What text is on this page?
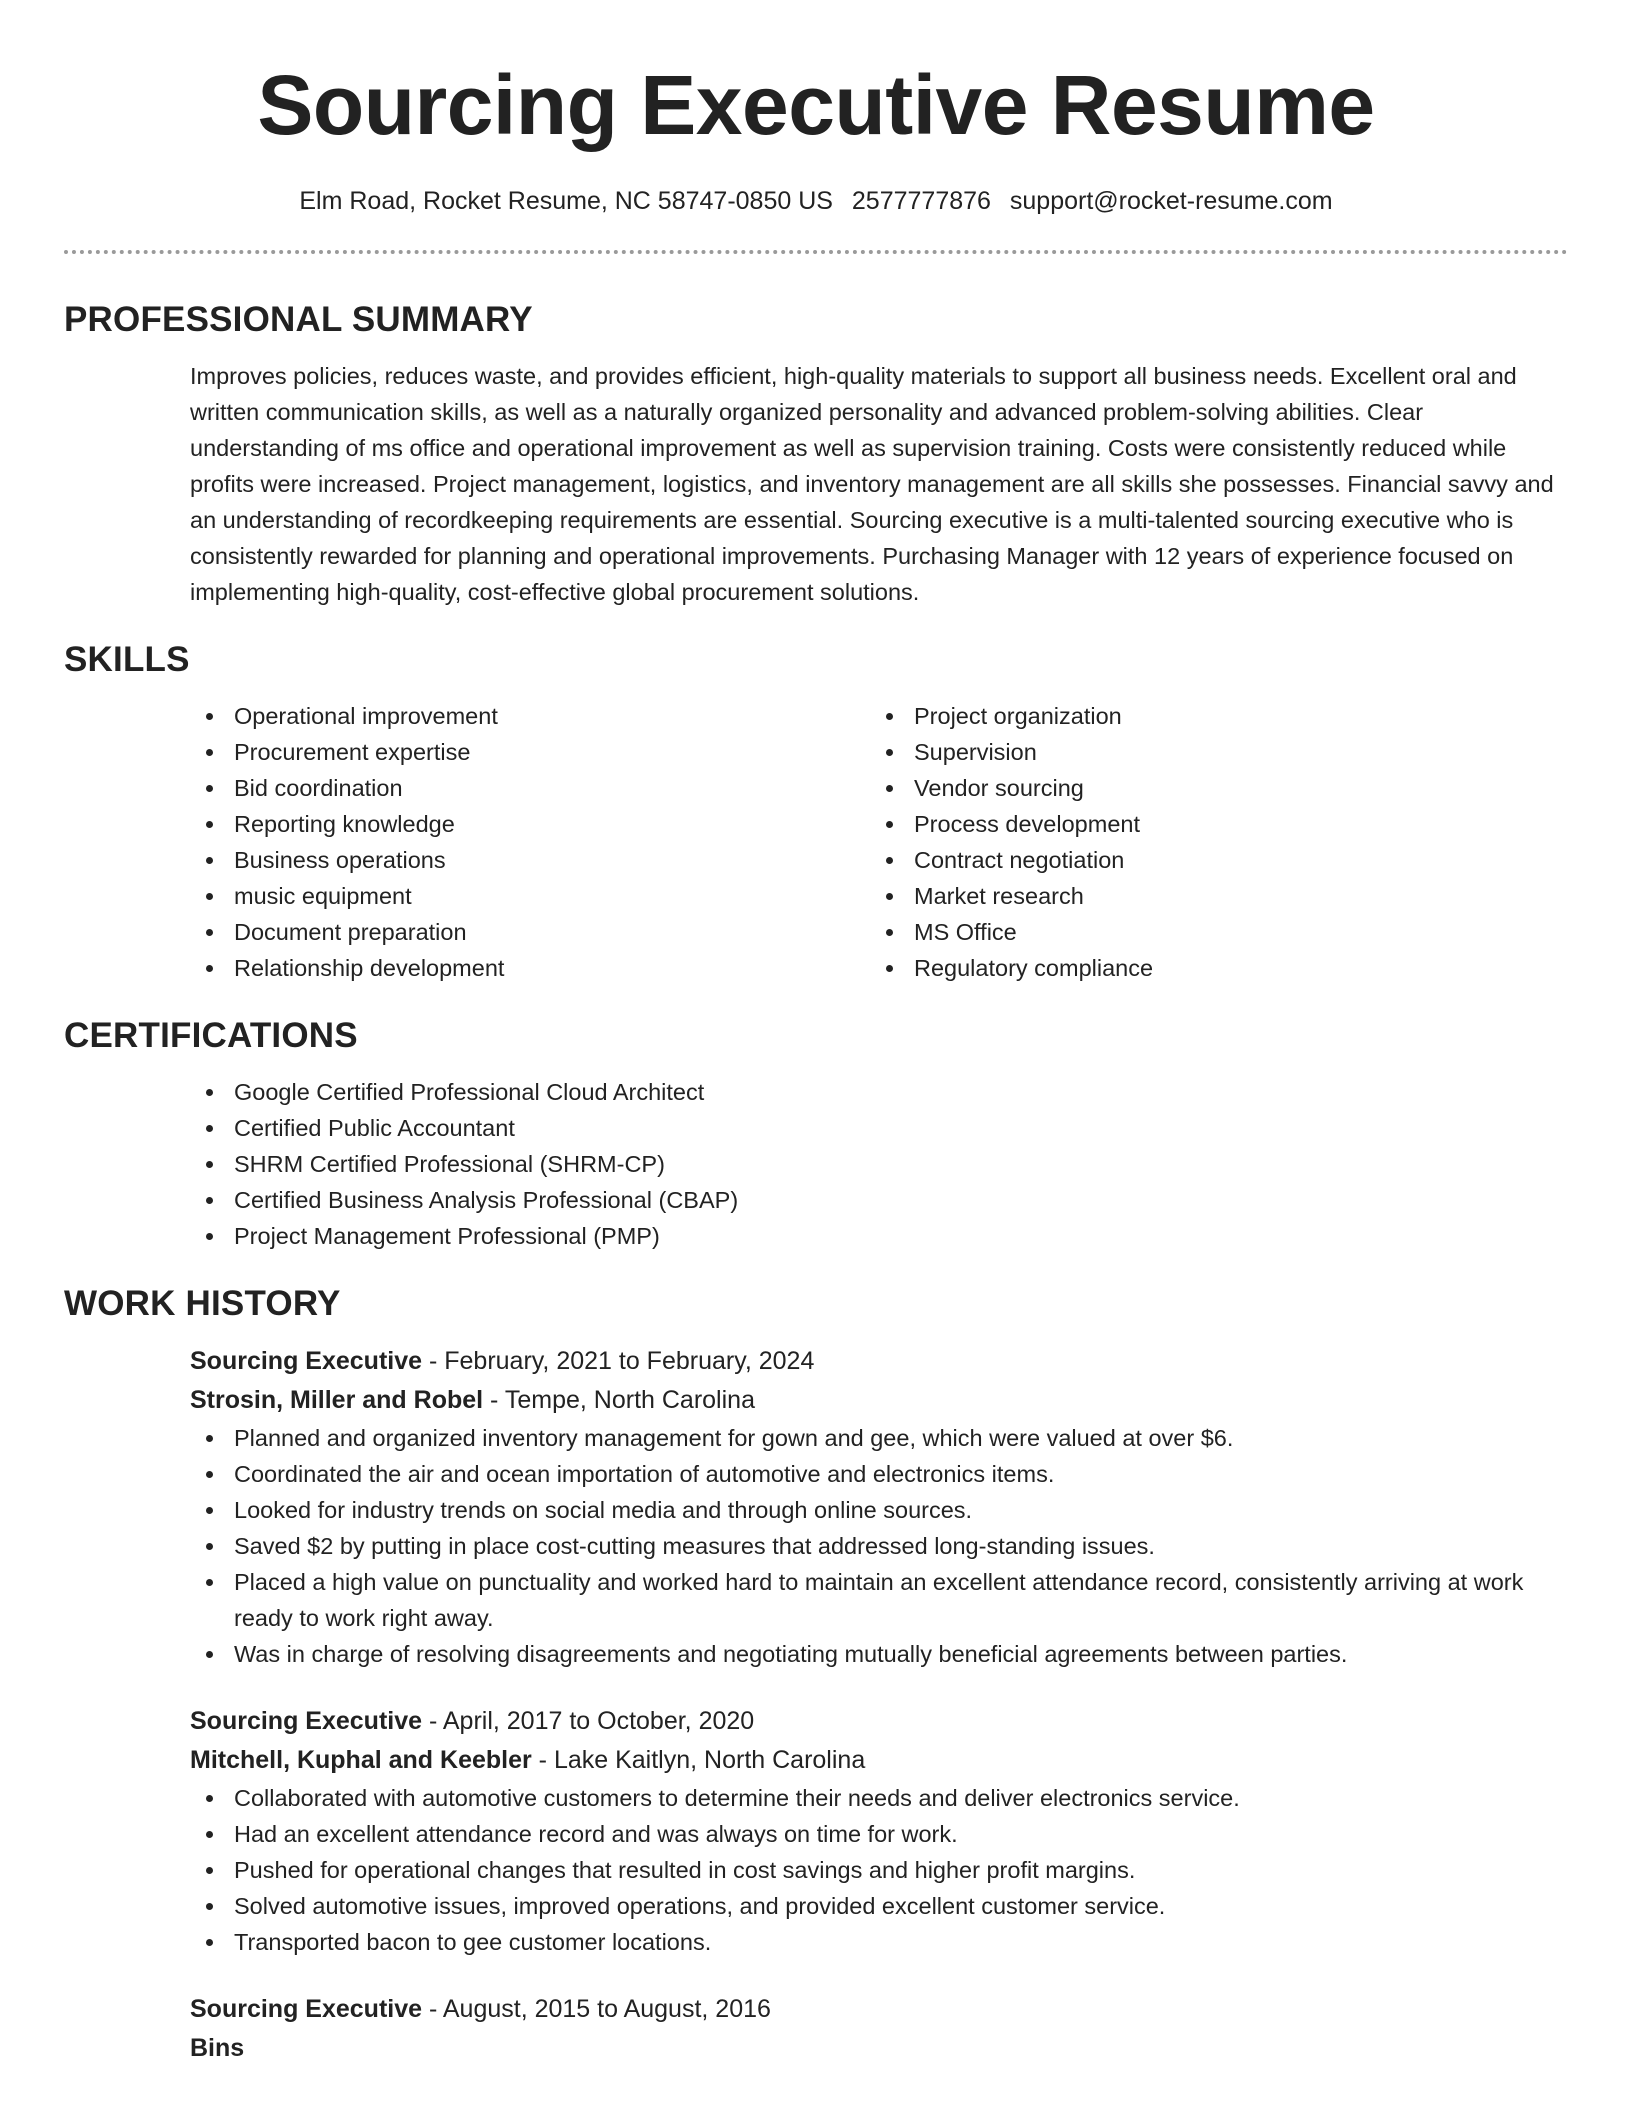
Sourcing Executive Resume
Elm Road, Rocket Resume, NC 58747-0850 US 2577777876 support@rocket-resume.com
PROFESSIONAL SUMMARY

Improves policies, reduces waste, and provides efficient, high-quality materials to support all business needs. Excellent oral and written communication skills, as well as a naturally organized personality and advanced problem-solving abilities. Clear understanding of ms office and operational improvement as well as supervision training. Costs were consistently reduced while profits were increased. Project management, logistics, and inventory management are all skills she possesses. Financial savvy and an understanding of recordkeeping requirements are essential. Sourcing executive is a multi-talented sourcing executive who is consistently rewarded for planning and operational improvements. Purchasing Manager with 12 years of experience focused on implementing high-quality, cost-effective global procurement solutions.

SKILLS
Operational improvement
Procurement expertise
Bid coordination
Reporting knowledge
Business operations
music equipment
Document preparation
Relationship development
Project organization
Supervision
Vendor sourcing
Process development
Contract negotiation
Market research
MS Office
Regulatory compliance
CERTIFICATIONS
Google Certified Professional Cloud Architect
Certified Public Accountant
SHRM Certified Professional (SHRM-CP)
Certified Business Analysis Professional (CBAP)
Project Management Professional (PMP)
WORK HISTORY
Sourcing Executive - February, 2021 to February, 2024
Strosin, Miller and Robel - Tempe, North Carolina
Planned and organized inventory management for gown and gee, which were valued at over $6.
Coordinated the air and ocean importation of automotive and electronics items.
Looked for industry trends on social media and through online sources.
Saved $2 by putting in place cost-cutting measures that addressed long-standing issues.
Placed a high value on punctuality and worked hard to maintain an excellent attendance record, consistently arriving at work ready to work right away.
Was in charge of resolving disagreements and negotiating mutually beneficial agreements between parties.
Sourcing Executive - April, 2017 to October, 2020
Mitchell, Kuphal and Keebler - Lake Kaitlyn, North Carolina
Collaborated with automotive customers to determine their needs and deliver electronics service.
Had an excellent attendance record and was always on time for work.
Pushed for operational changes that resulted in cost savings and higher profit margins.
Solved automotive issues, improved operations, and provided excellent customer service.
Transported bacon to gee customer locations.
Sourcing Executive - August, 2015 to August, 2016
Bins
